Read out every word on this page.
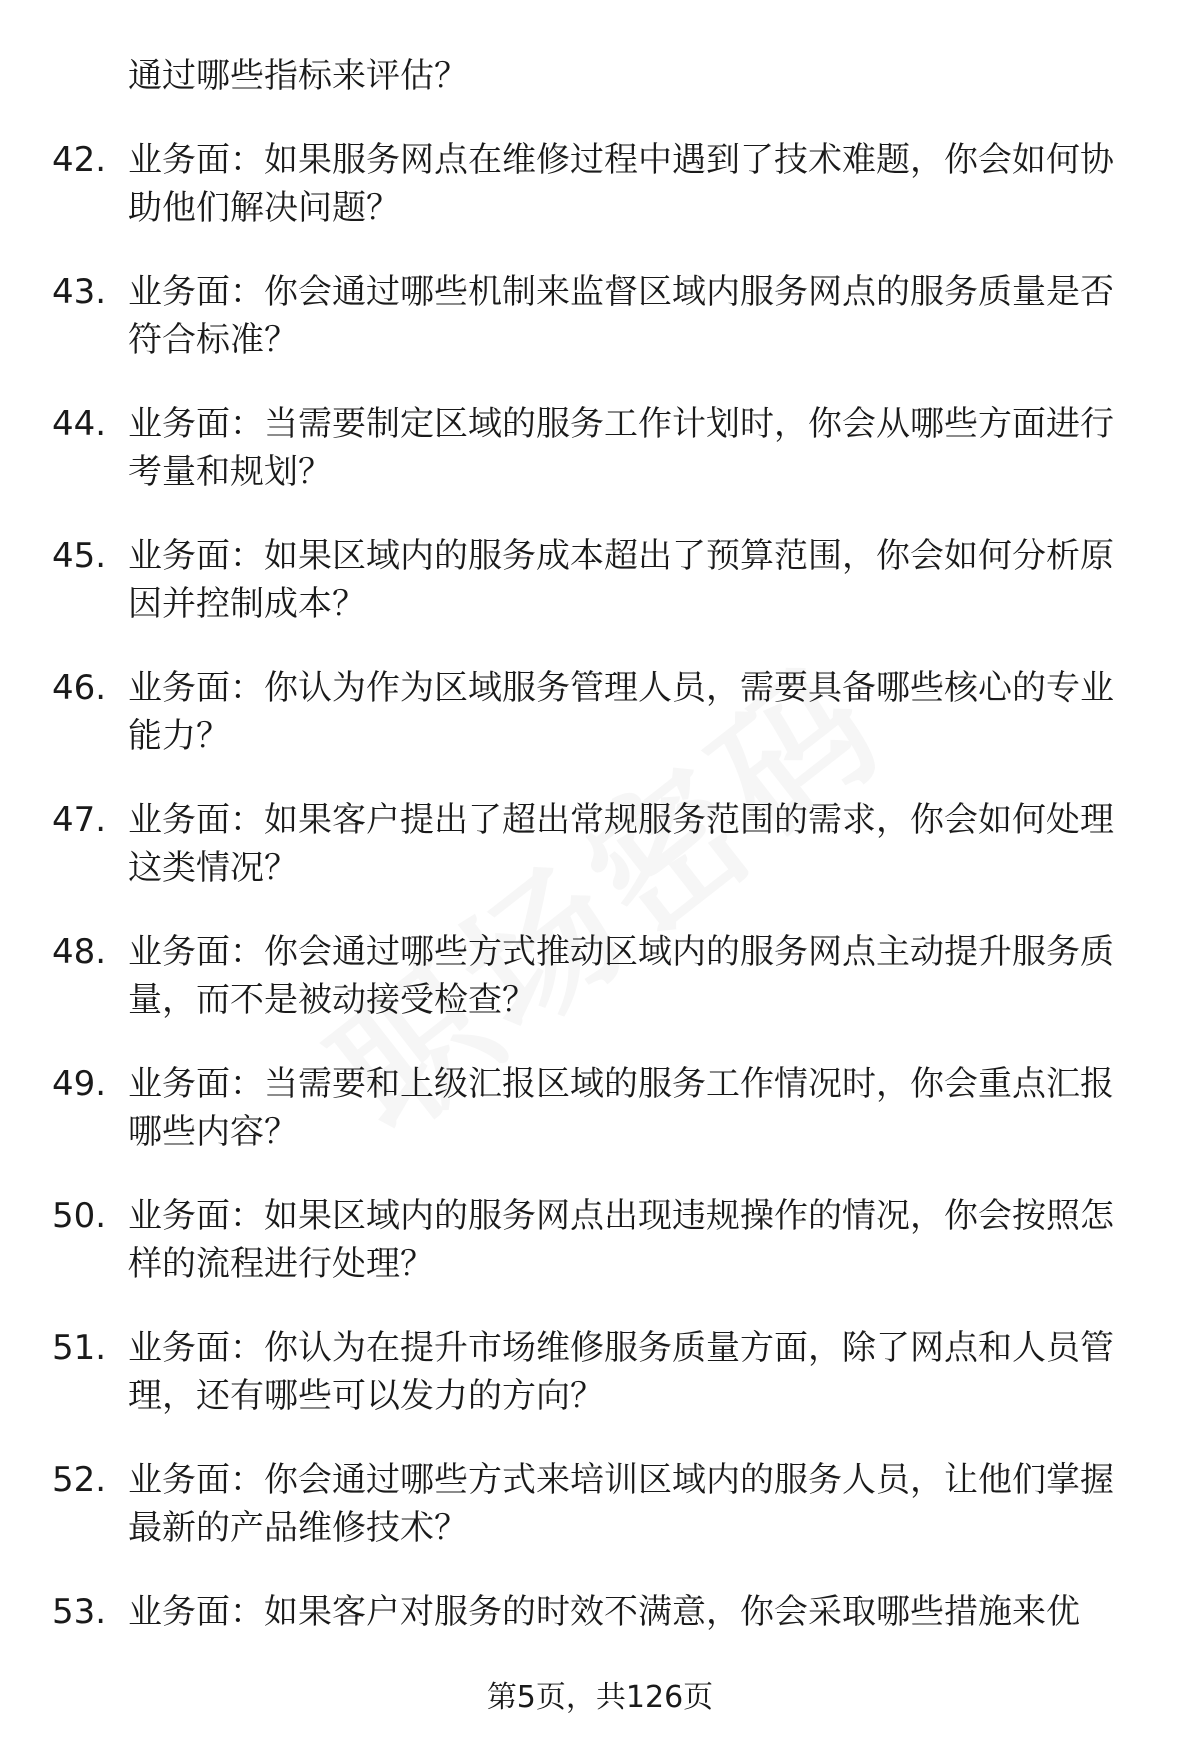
通过哪些指标来评估？
42. 业务面：如果服务网点在维修过程中遇到了技术难题，你会如何协助他们解决问题？
43. 业务面：你会通过哪些机制来监督区域内服务网点的服务质量是否符合标准？
44. 业务面：当需要制定区域的服务工作计划时，你会从哪些方面进行考量和规划？
45. 业务面：如果区域内的服务成本超出了预算范围，你会如何分析原因并控制成本？
46. 业务面：你认为作为区域服务管理人员，需要具备哪些核心的专业能力？
47. 业务面：如果客户提出了超出常规服务范围的需求，你会如何处理这类情况？
48. 业务面：你会通过哪些方式推动区域内的服务网点主动提升服务质量，而不是被动接受检查？
49. 业务面：当需要和上级汇报区域的服务工作情况时，你会重点汇报哪些内容？
50. 业务面：如果区域内的服务网点出现违规操作的情况，你会按照怎样的流程进行处理？
51. 业务面：你认为在提升市场维修服务质量方面，除了网点和人员管理，还有哪些可以发力的方向？
52. 业务面：你会通过哪些方式来培训区域内的服务人员，让他们掌握最新的产品维修技术？
53. 业务面：如果客户对服务的时效不满意，你会采取哪些措施来优
第5页，共126页
